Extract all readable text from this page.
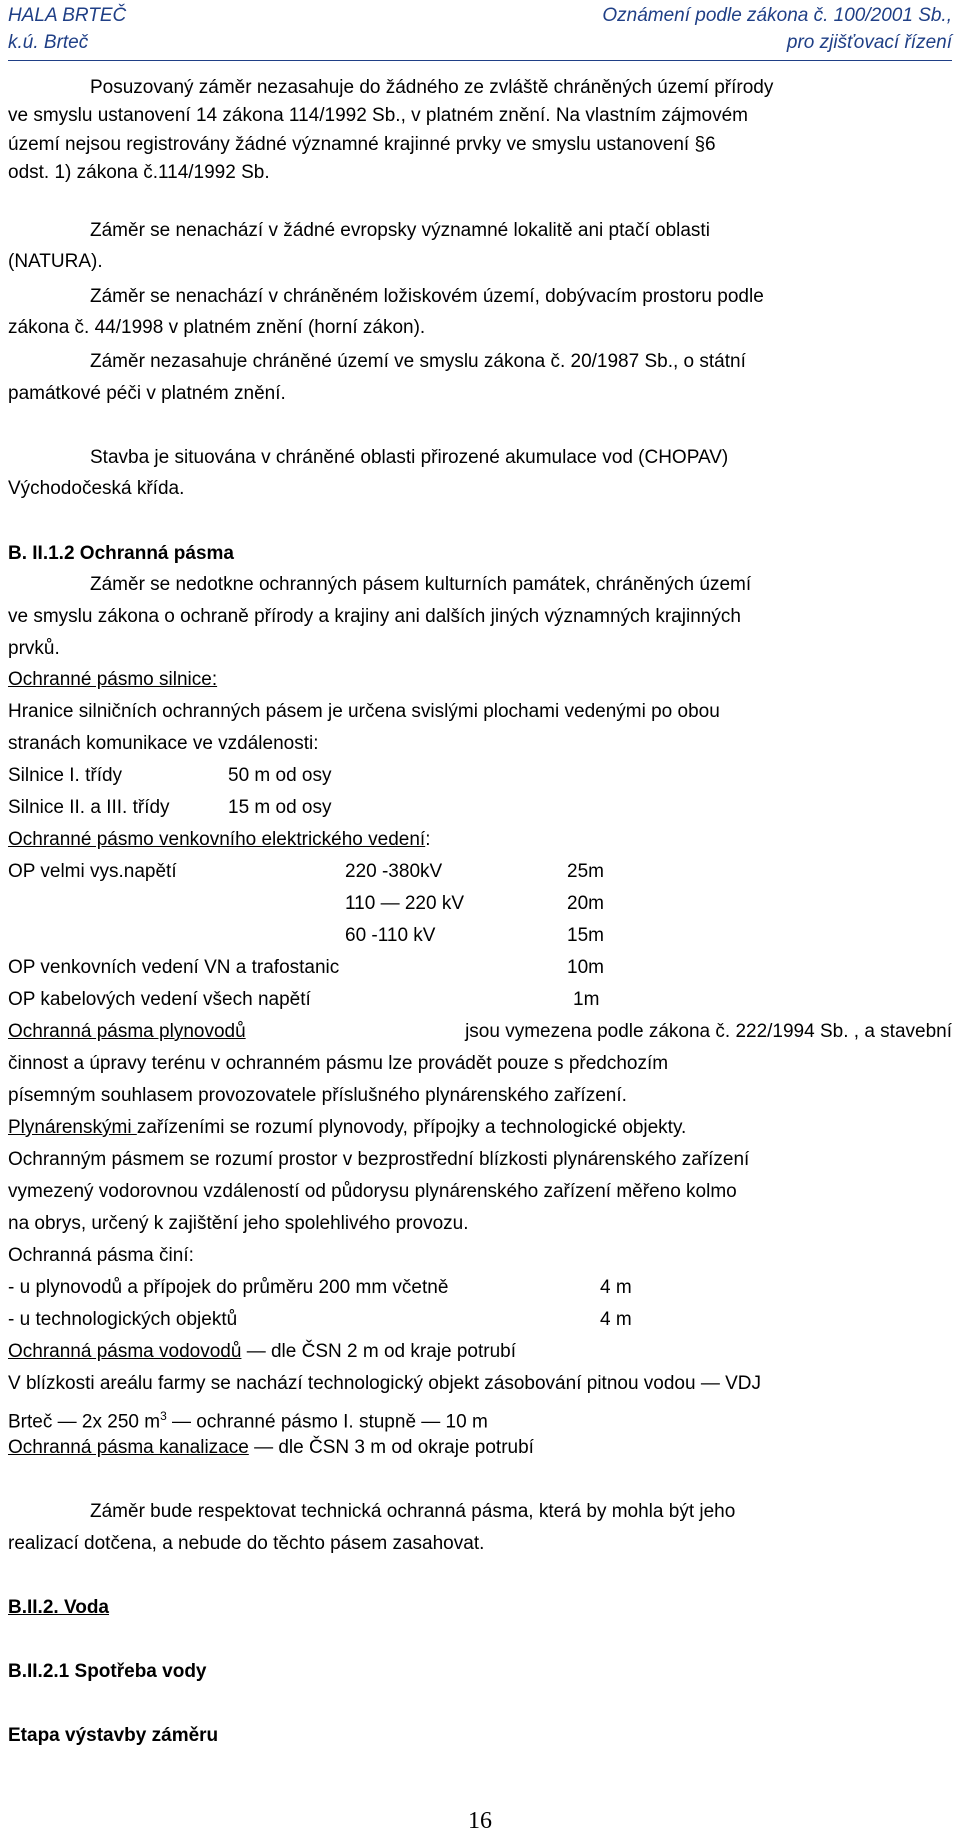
HALA BRTEČ
k.ú. Brteč
Oznámení podle zákona č. 100/2001 Sb.,
pro zjišťovací řízení
Posuzovaný záměr nezasahuje do žádného ze zvláště chráněných území přírody
ve smyslu ustanovení 14 zákona 114/1992 Sb., v platném znění. Na vlastním zájmovém
území nejsou registrovány žádné významné krajinné prvky ve smyslu ustanovení §6
odst. 1) zákona č.114/1992 Sb.
Záměr se nenachází v žádné evropsky významné lokalitě ani ptačí oblasti
(NATURA).
Záměr se nenachází v chráněném ložiskovém území, dobývacím prostoru podle
zákona č. 44/1998 v platném znění (horní zákon).
Záměr nezasahuje chráněné území ve smyslu zákona č. 20/1987 Sb., o státní
památkové péči v platném znění.
Stavba je situována v chráněné oblasti přirozené akumulace vod (CHOPAV)
Východočeská křída.
B. II.1.2 Ochranná pásma
Záměr se nedotkne ochranných pásem kulturních památek, chráněných území
ve smyslu zákona o ochraně přírody a krajiny ani dalších jiných významných krajinných
prvků.
Ochranné pásmo silnice:
Hranice silničních ochranných pásem je určena svislými plochami vedenými po obou
stranách komunikace ve vzdálenosti:
Silnice I. třídy	50 m od osy
Silnice II. a III. třídy	15 m od osy
Ochranné pásmo venkovního elektrického vedení:
OP velmi vys.napětí	220 -380kV	25m
110 — 220 kV	20m
60 -110 kV	15m
OP venkovních vedení VN a trafostanic	10m
OP kabelových vedení všech napětí	1m
Ochranná pásma plynovodů	jsou vymezena podle zákona č. 222/1994 Sb. , a stavební
činnost a úpravy terénu v ochranném pásmu lze provádět pouze s předchozím
písemným souhlasem provozovatele příslušného plynárenského zařízení.
Plynárenskými zařízeními se rozumí plynovody, přípojky a technologické objekty.
Ochranným pásmem se rozumí prostor v bezprostřední blízkosti plynárenského zařízení
vymezený vodorovnou vzdáleností od půdorysu plynárenského zařízení měřeno kolmo
na obrys, určený k zajištění jeho spolehlivého provozu.
Ochranná pásma činí:
- u plynovodů a přípojek do průměru 200 mm včetně	4 m
- u technologických objektů	4 m
Ochranná pásma vodovodů — dle ČSN 2 m od kraje potrubí
V blízkosti areálu farmy se nachází technologický objekt zásobování pitnou vodou — VDJ
Brteč — 2x 250 $m^3$ — ochranné pásmo I. stupně — 10 m
Ochranná pásma kanalizace — dle ČSN 3 m od okraje potrubí
Záměr bude respektovat technická ochranná pásma, která by mohla být jeho
realizací dotčena, a nebude do těchto pásem zasahovat.
B.II.2. Voda
B.II.2.1 Spotřeba vody
Etapa výstavby záměru
16
